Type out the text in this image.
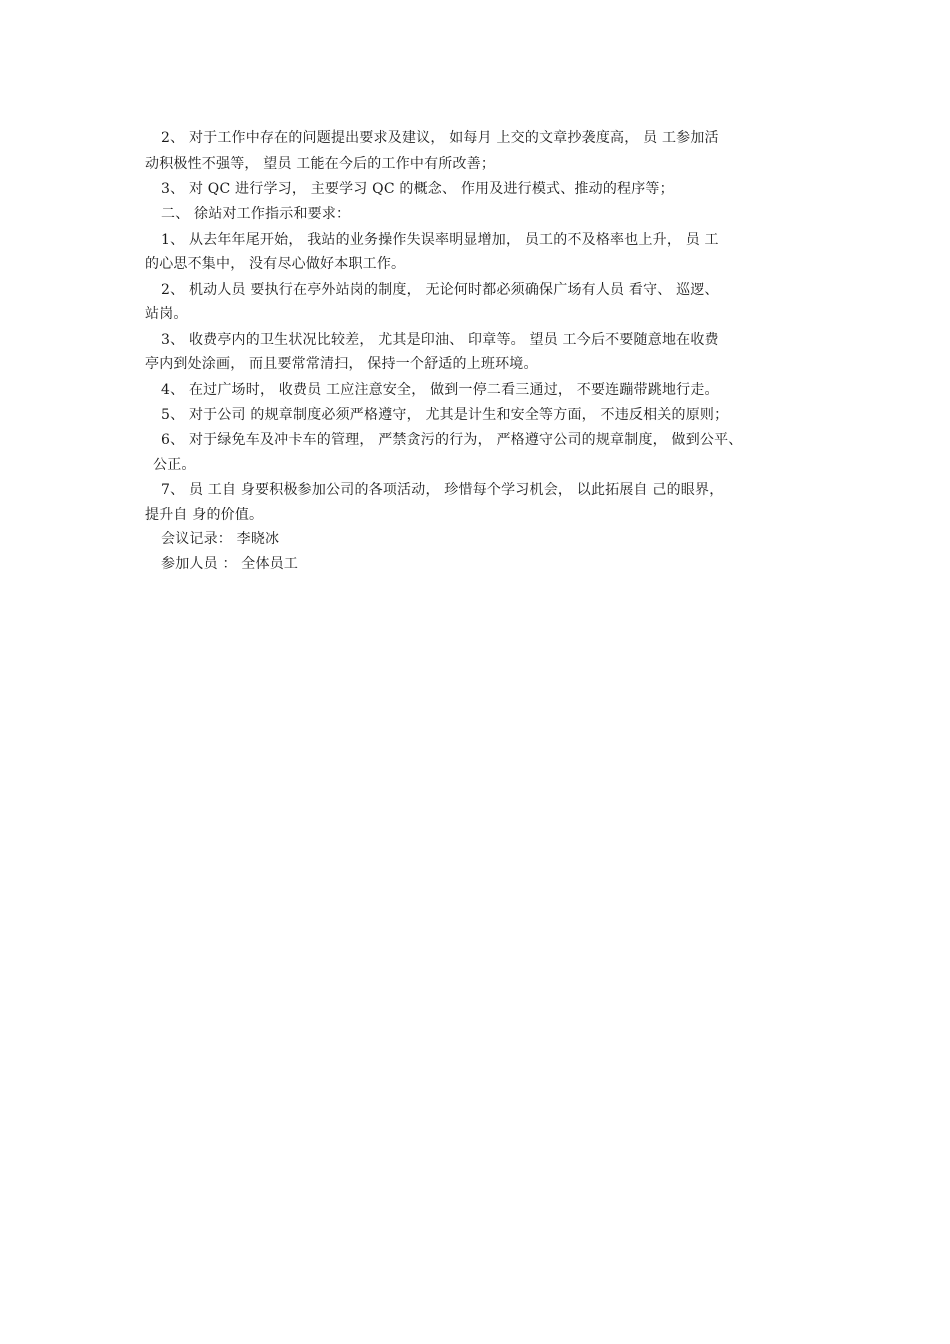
2、 对于工作中存在的问题提出要求及建议， 如每月 上交的文章抄袭度高， 员 工参加活

动积极性不强等， 望员 工能在今后的工作中有所改善；

3、 对 QC 进行学习， 主要学习 QC 的概念、 作用及进行模式、推动的程序等；

二、 徐站对工作指示和要求：

1、 从去年年尾开始， 我站的业务操作失误率明显增加， 员工的不及格率也上升， 员 工

的心思不集中， 没有尽心做好本职工作。

2、 机动人员 要执行在亭外站岗的制度， 无论何时都必须确保广场有人员 看守、 巡逻、

站岗。

3、 收费亭内的卫生状况比较差， 尤其是印油、 印章等。 望员 工今后不要随意地在收费

亭内到处涂画， 而且要常常清扫， 保持一个舒适的上班环境。

4、 在过广场时， 收费员 工应注意安全， 做到一停二看三通过， 不要连蹦带跳地行走。

5、 对于公司 的规章制度必须严格遵守， 尤其是计生和安全等方面， 不违反相关的原则；

6、 对于绿免车及冲卡车的管理， 严禁贪污的行为， 严格遵守公司的规章制度， 做到公平、

公正。

7、 员 工自 身要积极参加公司的各项活动， 珍惜每个学习机会， 以此拓展自 己的眼界，

提升自 身的价值。

会议记录： 李晓冰

参加人员 ： 全体员工
